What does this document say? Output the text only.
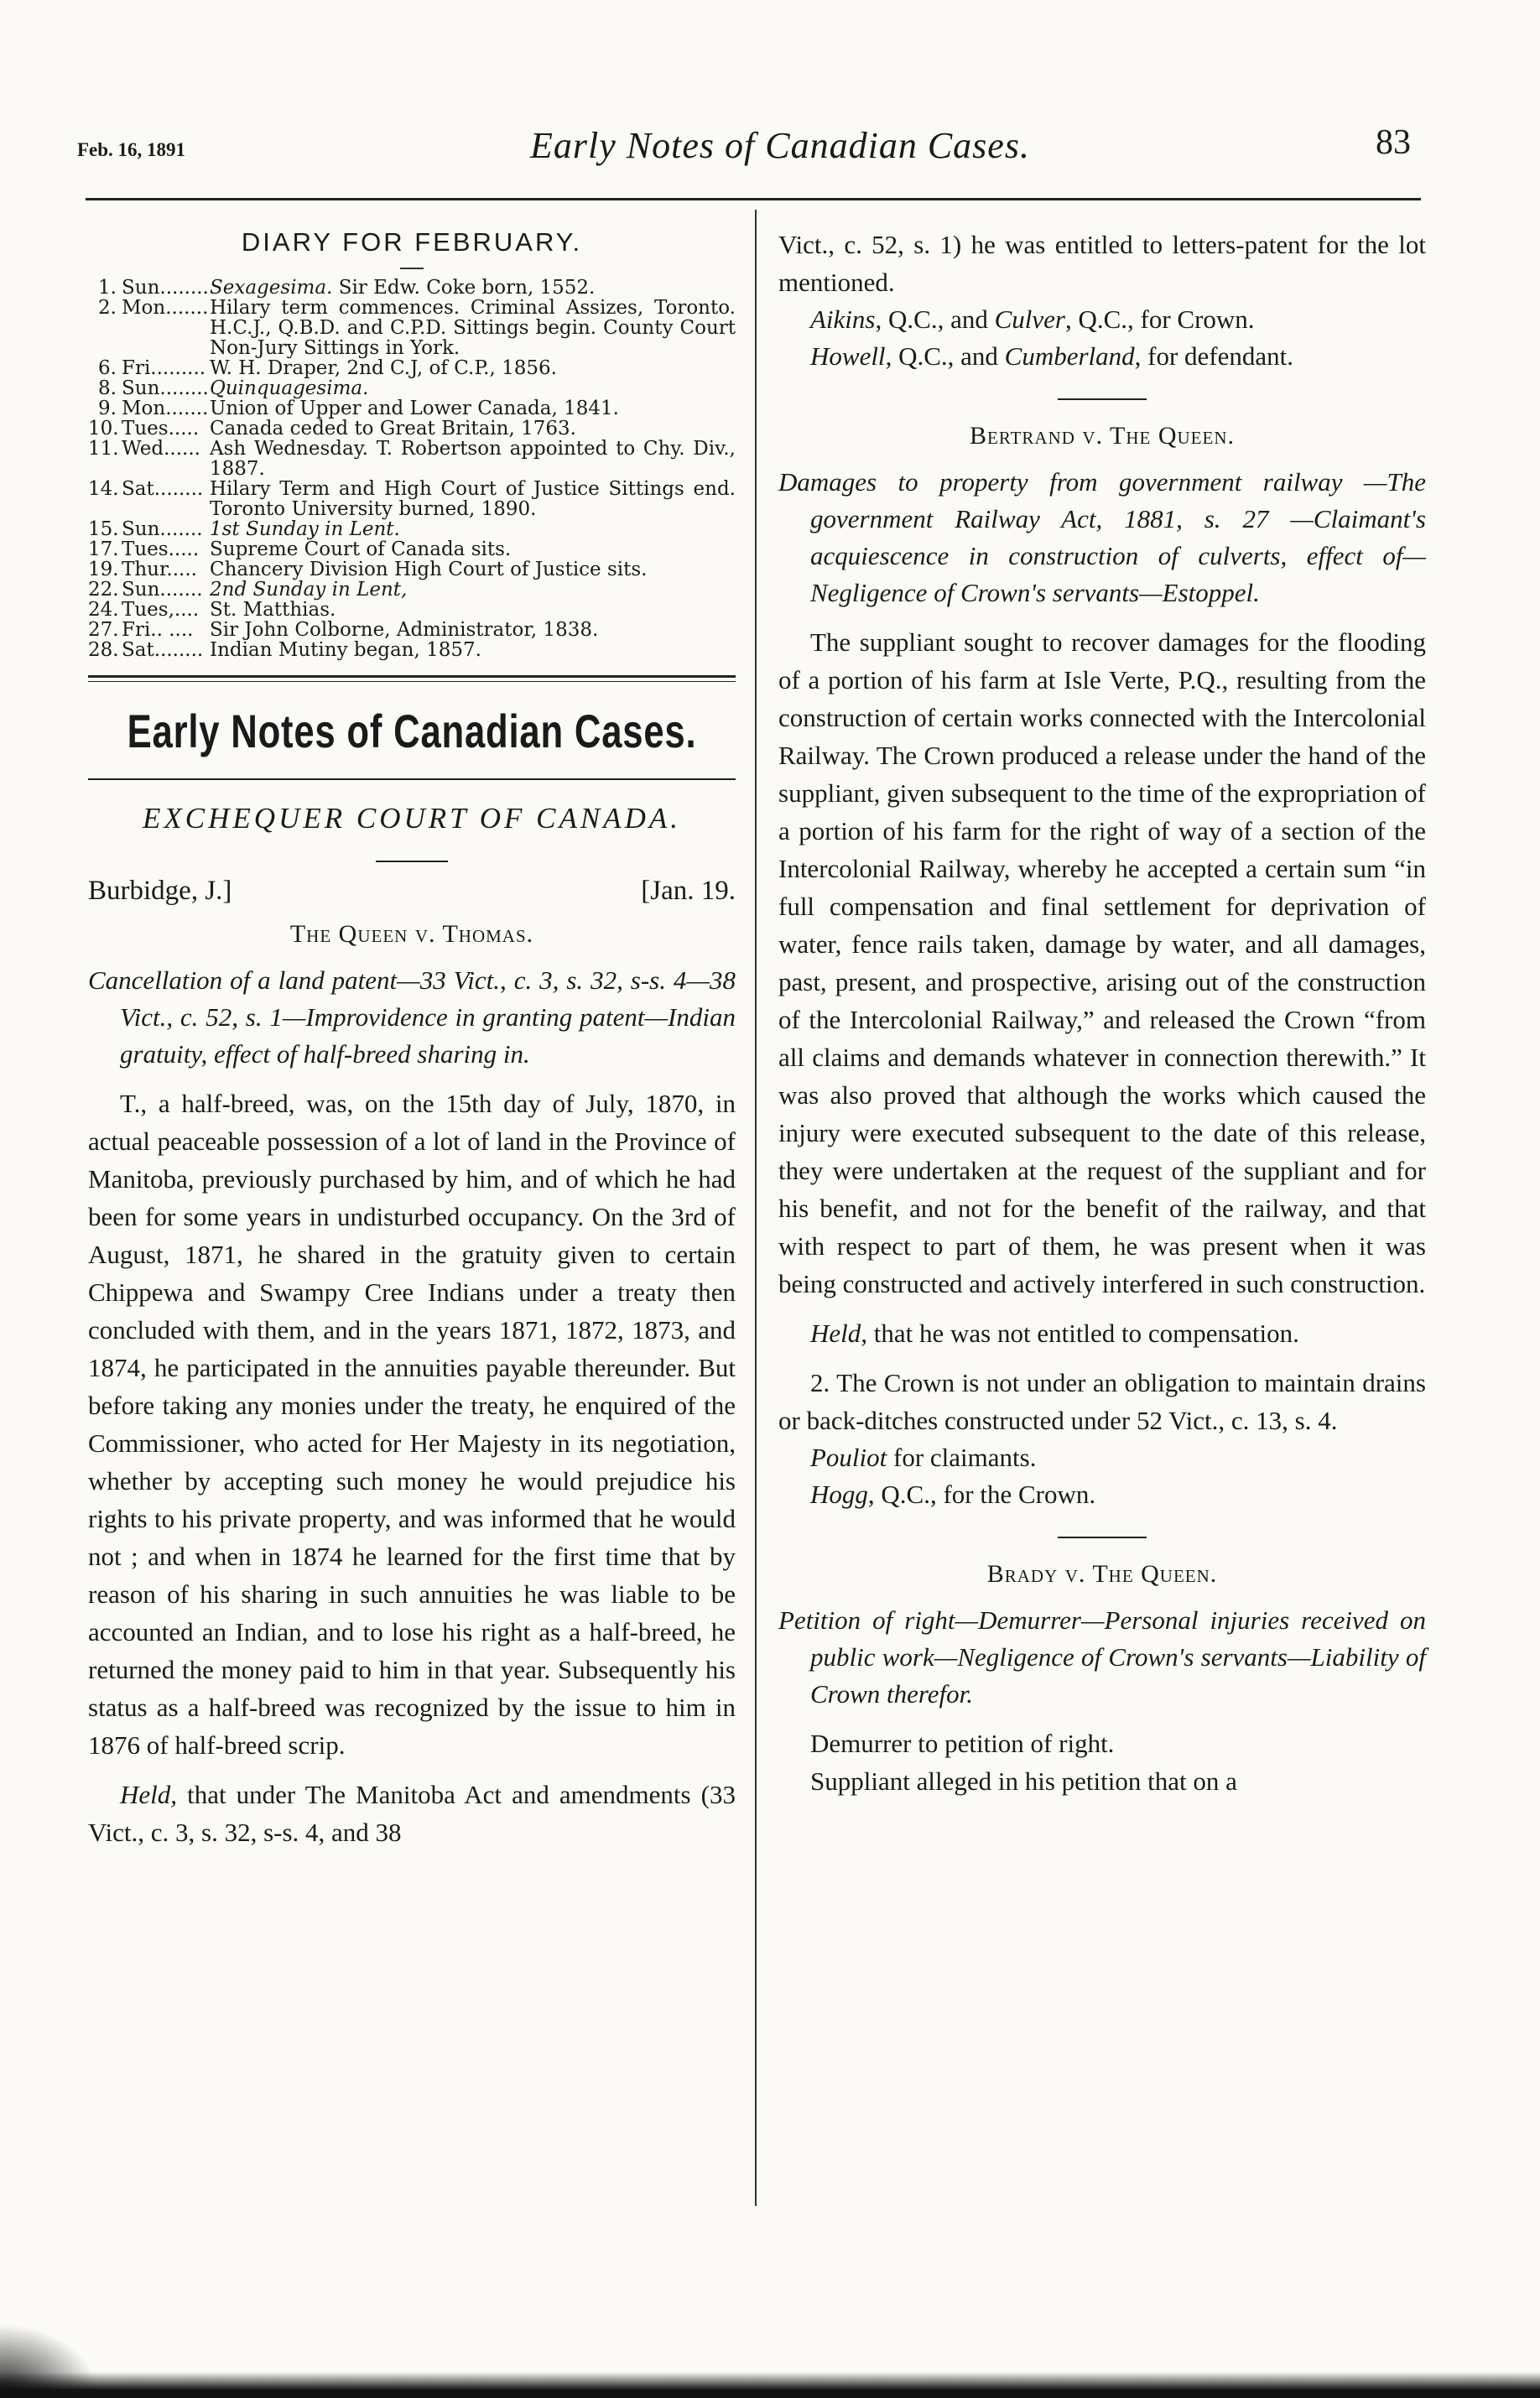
Feb. 16, 1891	Early Notes of Canadian Cases.	83
DIARY FOR FEBRUARY.
1. Sun........ Sexagesima. Sir Edw. Coke born, 1552.
2. Mon....... Hilary term commences. Criminal Assizes, Toronto. H.C.J., Q.B.D. and C.P.D. Sittings begin. County Court Non-Jury Sittings in York.
6. Fri......... W. H. Draper, 2nd C.J, of C.P., 1856.
8. Sun........ Quinquagesima.
9. Mon....... Union of Upper and Lower Canada, 1841.
10. Tues..... Canada ceded to Great Britain, 1763.
11. Wed...... Ash Wednesday. T. Robertson appointed to Chy. Div., 1887.
14. Sat........ Hilary Term and High Court of Justice Sittings end. Toronto University burned, 1890.
15. Sun....... 1st Sunday in Lent.
17. Tues..... Supreme Court of Canada sits.
19. Thur..... Chancery Division High Court of Justice sits.
22. Sun....... 2nd Sunday in Lent,
24. Tues,.... St. Matthias.
27. Fri.. .... Sir John Colborne, Administrator, 1838.
28. Sat........ Indian Mutiny began, 1857.
Early Notes of Canadian Cases.
EXCHEQUER COURT OF CANADA.
Burbidge, J.]	[Jan. 19.
The Queen v. Thomas.
Cancellation of a land patent—33 Vict., c. 3, s. 32, s-s. 4—38 Vict., c. 52, s. 1—Improvidence in granting patent—Indian gratuity, effect of half-breed sharing in.
T., a half-breed, was, on the 15th day of July, 1870, in actual peaceable possession of a lot of land in the Province of Manitoba, previously purchased by him, and of which he had been for some years in undisturbed occupancy. On the 3rd of August, 1871, he shared in the gratuity given to certain Chippewa and Swampy Cree Indians under a treaty then concluded with them, and in the years 1871, 1872, 1873, and 1874, he participated in the annuities payable thereunder. But before taking any monies under the treaty, he enquired of the Commissioner, who acted for Her Majesty in its negotiation, whether by accepting such money he would prejudice his rights to his private property, and was informed that he would not ; and when in 1874 he learned for the first time that by reason of his sharing in such annuities he was liable to be accounted an Indian, and to lose his right as a half-breed, he returned the money paid to him in that year. Subsequently his status as a half-breed was recognized by the issue to him in 1876 of half-breed scrip.
Held, that under The Manitoba Act and amendments (33 Vict., c. 3, s. 32, s-s. 4, and 38
Vict., c. 52, s. 1) he was entitled to letters-patent for the lot mentioned.
Aikins, Q.C., and Culver, Q.C., for Crown.
Howell, Q.C., and Cumberland, for defendant.
Bertrand v. The Queen.
Damages to property from government railway —The government Railway Act, 1881, s. 27 —Claimant's acquiescence in construction of culverts, effect of—Negligence of Crown's servants—Estoppel.
The suppliant sought to recover damages for the flooding of a portion of his farm at Isle Verte, P.Q., resulting from the construction of certain works connected with the Intercolonial Railway. The Crown produced a release under the hand of the suppliant, given subsequent to the time of the expropriation of a portion of his farm for the right of way of a section of the Intercolonial Railway, whereby he accepted a certain sum “in full compensation and final settlement for deprivation of water, fence rails taken, damage by water, and all damages, past, present, and prospective, arising out of the construction of the Intercolonial Railway,” and released the Crown “from all claims and demands whatever in connection therewith.” It was also proved that although the works which caused the injury were executed subsequent to the date of this release, they were undertaken at the request of the suppliant and for his benefit, and not for the benefit of the railway, and that with respect to part of them, he was present when it was being constructed and actively interfered in such construction.
Held, that he was not entitled to compensation.
2. The Crown is not under an obligation to maintain drains or back-ditches constructed under 52 Vict., c. 13, s. 4.
Pouliot for claimants.
Hogg, Q.C., for the Crown.
Brady v. The Queen.
Petition of right—Demurrer—Personal injuries received on public work—Negligence of Crown's servants—Liability of Crown therefor.
Demurrer to petition of right.
Suppliant alleged in his petition that on a
